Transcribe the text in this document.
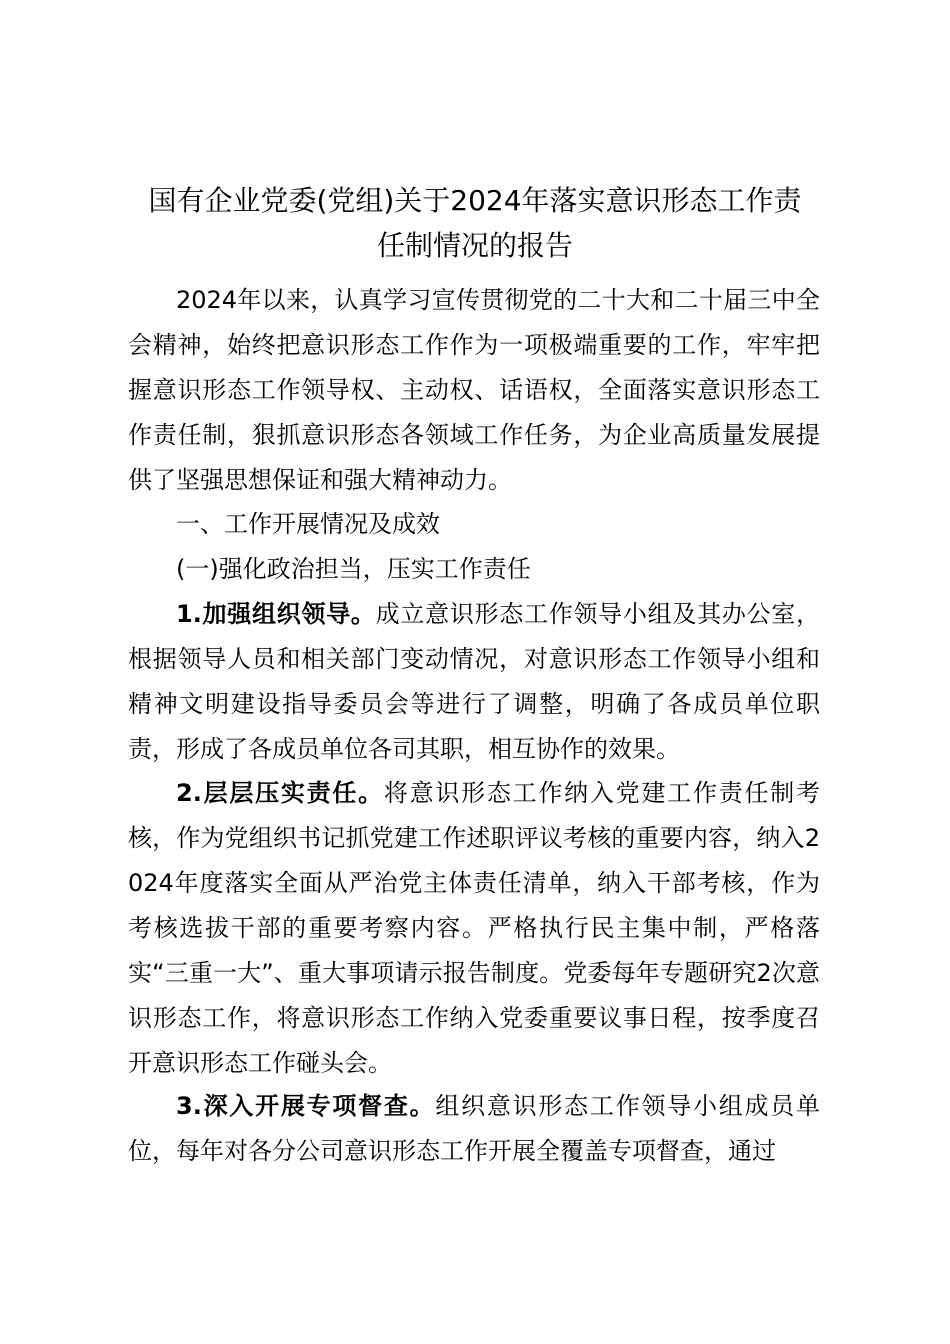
国有企业党委(党组)关于2024年落实意识形态工作责
任制情况的报告

2024年以来，认真学习宣传贯彻党的二十大和二十届三中全会精神，始终把意识形态工作作为一项极端重要的工作，牢牢把握意识形态工作领导权、主动权、话语权，全面落实意识形态工作责任制，狠抓意识形态各领域工作任务，为企业高质量发展提供了坚强思想保证和强大精神动力。

一、工作开展情况及成效

(一)强化政治担当，压实工作责任

1.加强组织领导。成立意识形态工作领导小组及其办公室，根据领导人员和相关部门变动情况，对意识形态工作领导小组和精神文明建设指导委员会等进行了调整，明确了各成员单位职责，形成了各成员单位各司其职，相互协作的效果。

2.层层压实责任。将意识形态工作纳入党建工作责任制考核，作为党组织书记抓党建工作述职评议考核的重要内容，纳入2024年度落实全面从严治党主体责任清单，纳入干部考核，作为考核选拔干部的重要考察内容。严格执行民主集中制，严格落实“三重一大”、重大事项请示报告制度。党委每年专题研究2次意识形态工作，将意识形态工作纳入党委重要议事日程，按季度召开意识形态工作碰头会。

3.深入开展专项督查。组织意识形态工作领导小组成员单位，每年对各分公司意识形态工作开展全覆盖专项督查，通过
